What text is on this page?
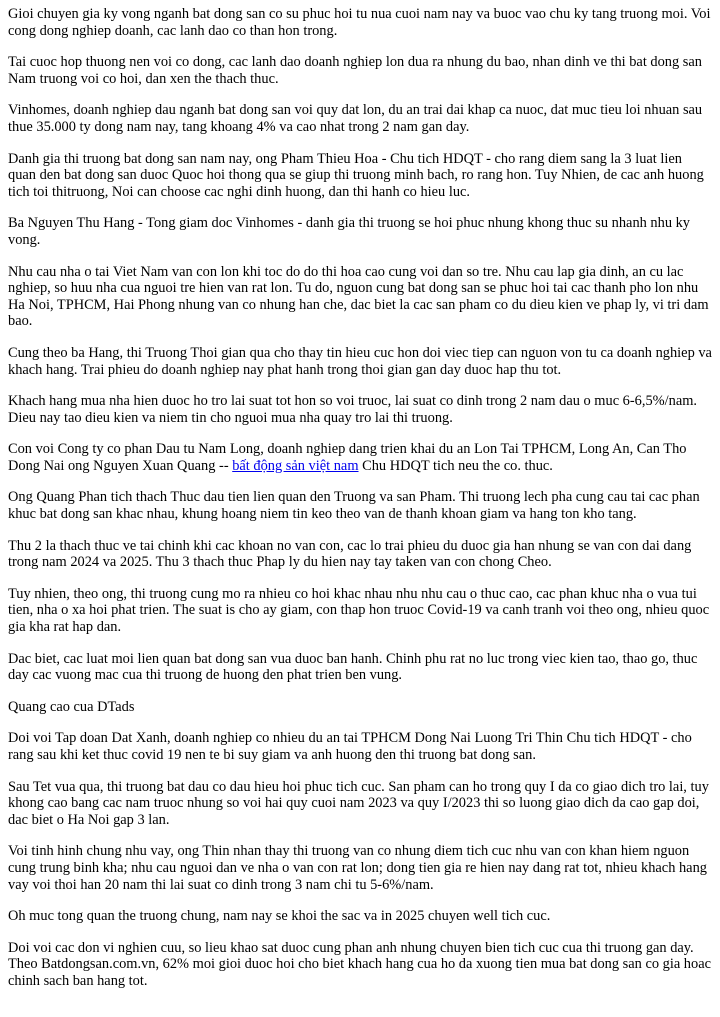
Gioi chuyen gia ky vong nganh bat dong san co su phuc hoi tu nua cuoi nam nay va buoc vao chu ky tang truong moi. Voi cong dong nghiep doanh, cac lanh dao co than hon trong.

Tai cuoc hop thuong nen voi co dong, cac lanh dao doanh nghiep lon dua ra nhung du bao, nhan dinh ve thi bat dong san Nam truong voi co hoi, dan xen the thach thuc.

Vinhomes, doanh nghiep dau nganh bat dong san voi quy dat lon, du an trai dai khap ca nuoc, dat muc tieu loi nhuan sau thue 35.000 ty dong nam nay, tang khoang 4% va cao nhat trong 2 nam gan day.

Danh gia thi truong bat dong san nam nay, ong Pham Thieu Hoa - Chu tich HDQT - cho rang diem sang la 3 luat lien quan den bat dong san duoc Quoc hoi thong qua se giup thi truong minh bach, ro rang hon. Tuy Nhien, de cac anh huong tich toi thitruong, Noi can choose cac nghi dinh huong, dan thi hanh co hieu luc.

Ba Nguyen Thu Hang - Tong giam doc Vinhomes - danh gia thi truong se hoi phuc nhung khong thuc su nhanh nhu ky vong.

Nhu cau nha o tai Viet Nam van con lon khi toc do do thi hoa cao cung voi dan so tre. Nhu cau lap gia dinh, an cu lac nghiep, so huu nha cua nguoi tre hien van rat lon. Tu do, nguon cung bat dong san se phuc hoi tai cac thanh pho lon nhu Ha Noi, TPHCM, Hai Phong nhung van co nhung han che, dac biet la cac san pham co du dieu kien ve phap ly, vi tri dam bao.

Cung theo ba Hang, thi Truong Thoi gian qua cho thay tin hieu cuc hon doi viec tiep can nguon von tu ca doanh nghiep va khach hang. Trai phieu do doanh nghiep nay phat hanh trong thoi gian gan day duoc hap thu tot.

Khach hang mua nha hien duoc ho tro lai suat tot hon so voi truoc, lai suat co dinh trong 2 nam dau o muc 6-6,5%/nam. Dieu nay tao dieu kien va niem tin cho nguoi mua nha quay tro lai thi truong.

Con voi Cong ty co phan Dau tu Nam Long, doanh nghiep dang trien khai du an Lon Tai TPHCM, Long An, Can Tho Dong Nai ong Nguyen Xuan Quang -- bất động sản việt nam Chu HDQT tich neu the co. thuc.

Ong Quang Phan tich thach Thuc dau tien lien quan den Truong va san Pham. Thi truong lech pha cung cau tai cac phan khuc bat dong san khac nhau, khung hoang niem tin keo theo van de thanh khoan giam va hang ton kho tang.

Thu 2 la thach thuc ve tai chinh khi cac khoan no van con, cac lo trai phieu du duoc gia han nhung se van con dai dang trong nam 2024 va 2025. Thu 3 thach thuc Phap ly du hien nay tay taken van con chong Cheo.

Tuy nhien, theo ong, thi truong cung mo ra nhieu co hoi khac nhau nhu nhu cau o thuc cao, cac phan khuc nha o vua tui tien, nha o xa hoi phat trien. The suat is cho ay giam, con thap hon truoc Covid-19 va canh tranh voi theo ong, nhieu quoc gia kha rat hap dan.

Dac biet, cac luat moi lien quan bat dong san vua duoc ban hanh. Chinh phu rat no luc trong viec kien tao, thao go, thuc day cac vuong mac cua thi truong de huong den phat trien ben vung.

Quang cao cua DTads

Doi voi Tap doan Dat Xanh, doanh nghiep co nhieu du an tai TPHCM Dong Nai Luong Tri Thin Chu tich HDQT - cho rang sau khi ket thuc covid 19 nen te bi suy giam va anh huong den thi truong bat dong san.

Sau Tet vua qua, thi truong bat dau co dau hieu hoi phuc tich cuc. San pham can ho trong quy I da co giao dich tro lai, tuy khong cao bang cac nam truoc nhung so voi hai quy cuoi nam 2023 va quy I/2023 thi so luong giao dich da cao gap doi, dac biet o Ha Noi gap 3 lan.

Voi tinh hinh chung nhu vay, ong Thin nhan thay thi truong van co nhung diem tich cuc nhu van con khan hiem nguon cung trung binh kha; nhu cau nguoi dan ve nha o van con rat lon; dong tien gia re hien nay dang rat tot, nhieu khach hang vay voi thoi han 20 nam thi lai suat co dinh trong 3 nam chi tu 5-6%/nam.

Oh muc tong quan the truong chung, nam nay se khoi the sac va in 2025 chuyen well tich cuc.

Doi voi cac don vi nghien cuu, so lieu khao sat duoc cung phan anh nhung chuyen bien tich cuc cua thi truong gan day. Theo Batdongsan.com.vn, 62% moi gioi duoc hoi cho biet khach hang cua ho da xuong tien mua bat dong san co gia hoac chinh sach ban hang tot.
